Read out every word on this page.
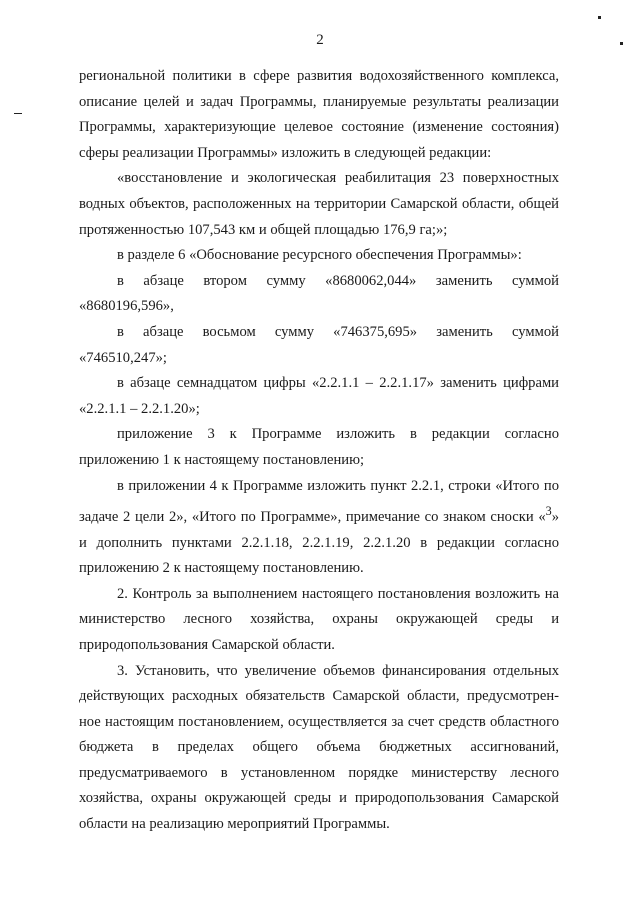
2

региональной политики в сфере развития водохозяйственного комплекса, описание целей и задач Программы, планируемые результаты реализации Программы, характеризующие целевое состояние (изменение состояния) сферы реализации Программы» изложить в следующей редакции:

«восстановление и экологическая реабилитация 23 поверхностных водных объектов, расположенных на территории Самарской области, общей протяженностью 107,543 км и общей площадью 176,9 га;»;

в разделе 6 «Обоснование ресурсного обеспечения Программы»:

в абзаце втором сумму «8680062,044» заменить суммой

«8680196,596»,

в абзаце восьмом сумму «746375,695» заменить суммой

«746510,247»;

в абзаце семнадцатом цифры «2.2.1.1 – 2.2.1.17» заменить цифрами «2.2.1.1 – 2.2.1.20»;

приложение 3 к Программе изложить в редакции согласно приложению 1 к настоящему постановлению;

в приложении 4 к Программе изложить пункт 2.2.1, строки «Итого по задаче 2 цели 2», «Итого по Программе», примечание со знаком сноски «$^3$» и дополнить пунктами 2.2.1.18, 2.2.1.19, 2.2.1.20 в редакции согласно приложению 2 к настоящему постановлению.

2. Контроль за выполнением настоящего постановления возложить на министерство лесного хозяйства, охраны окружающей среды и природопользования Самарской области.

3. Установить, что увеличение объемов финансирования отдельных действующих расходных обязательств Самарской области, предусмотрен-ное настоящим постановлением, осуществляется за счет средств областного бюджета в пределах общего объема бюджетных ассигнований, предусматриваемого в установленном порядке министерству лесного хозяйства, охраны окружающей среды и природопользования Самарской области на реализацию мероприятий Программы.
